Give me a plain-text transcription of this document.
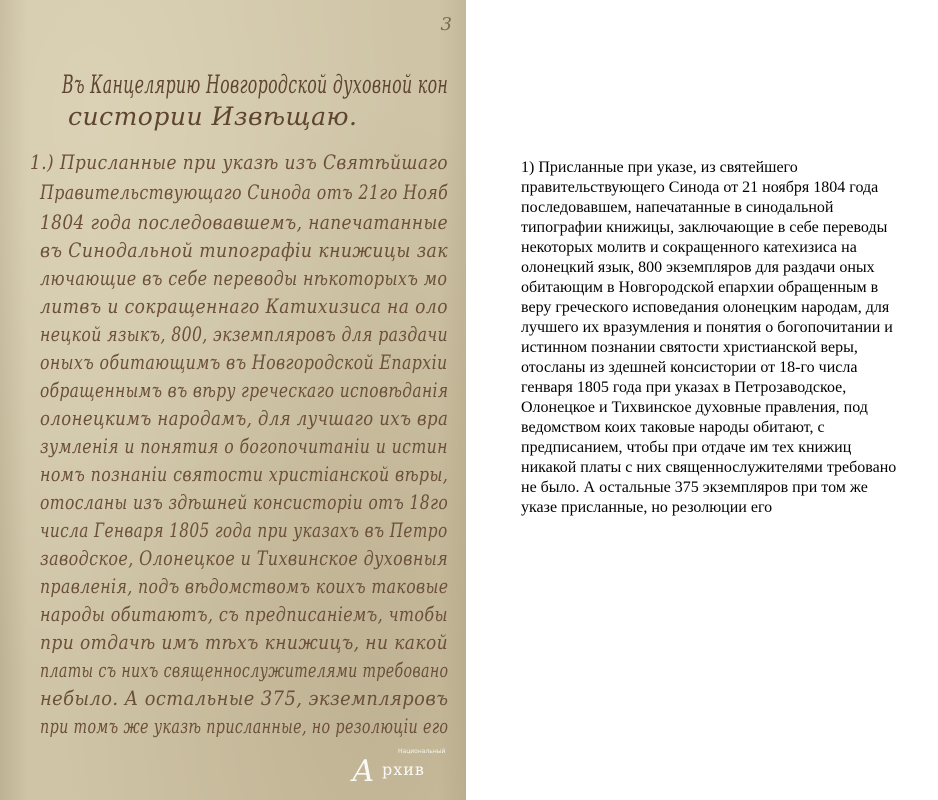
3
Въ Канцелярию Новгородской духовной кон
систории Извѣщаю.
1.) Присланные при указѣ изъ Святѣйшаго
Правительствующаго Синода отъ 21го Нояб
1804 года последовавшемъ, напечатанные
въ Синодальной типографiи книжицы зак
лючающие въ себе переводы нѣкоторыхъ мо
литвъ и сокращеннаго Катихизиса на оло
нецкой языкъ, 800, экземпляровъ для раздачи
оныхъ обитающимъ въ Новгородской Епархiи
обращеннымъ въ вѣру греческаго исповѣданiя
олонецкимъ народамъ, для лучшаго ихъ вра
зумленiя и понятия о богопочитанiи и истин
номъ познанiи святости христiанской вѣры,
отосланы изъ здѣшней консисторiи отъ 18го
числа Генваря 1805 года при указахъ въ Петро
заводское, Олонецкое и Тихвинское духовныя
правленiя, подъ вѣдомствомъ коихъ таковые
народы обитаютъ, съ предписанiемъ, чтобы
при отдачѣ имъ тѣхъ книжицъ, ни какой
платы съ нихъ священнослужителями требовано
небыло. А остальные 375, экземпляровъ
при томъ же указѣ присланные, но резолюцiи его
Национальный
А рхив

1) Присланные при указе, из святейшего правительствующего Синода от 21 ноября 1804 года последовавшем, напечатанные в синодальной типографии книжицы, заключающие в себе переводы некоторых молитв и сокращенного катехизиса на олонецкий язык, 800 экземпляров для раздачи оных обитающим в Новгородской епархии обращенным в веру греческого исповедания олонецким народам, для лучшего их вразумления и понятия о богопочитании и истинном познании святости христианской веры, отосланы из здешней консистории от 18-го числа генваря 1805 года при указах в Петрозаводское, Олонецкое и Тихвинское духовные правления, под ведомством коих таковые народы обитают, с предписанием, чтобы при отдаче им тех книжиц никакой платы с них священнослужителями требовано не было. А остальные 375 экземпляров при том же указе присланные, но резолюции его
